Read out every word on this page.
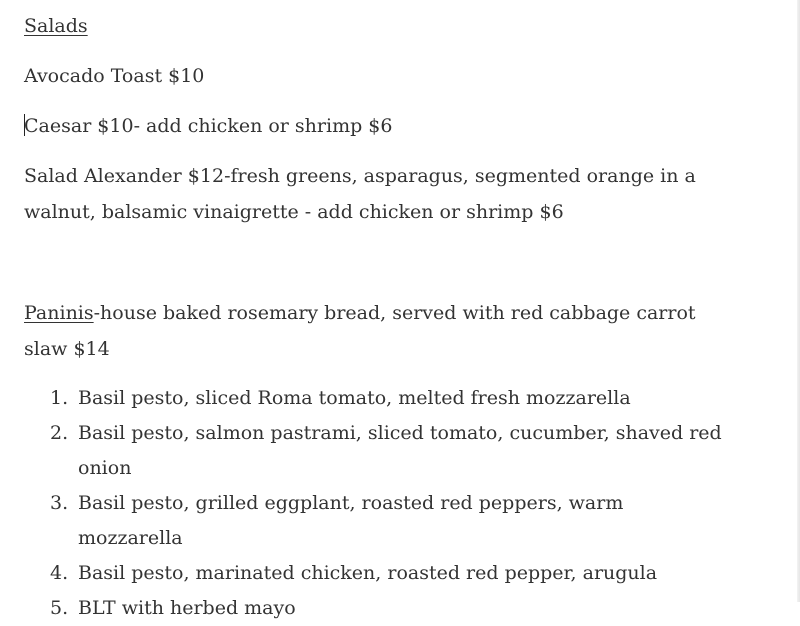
Salads

Avocado Toast $10

Caesar $10- add chicken or shrimp $6

Salad Alexander $12-fresh greens, asparagus, segmented orange in a walnut, balsamic vinaigrette - add chicken or shrimp $6

Paninis-house baked rosemary bread, served with red cabbage carrot slaw $14

1. Basil pesto, sliced Roma tomato, melted fresh mozzarella
2. Basil pesto, salmon pastrami, sliced tomato, cucumber, shaved red onion
3. Basil pesto, grilled eggplant, roasted red peppers, warm mozzarella
4. Basil pesto, marinated chicken, roasted red pepper, arugula
5. BLT with herbed mayo
